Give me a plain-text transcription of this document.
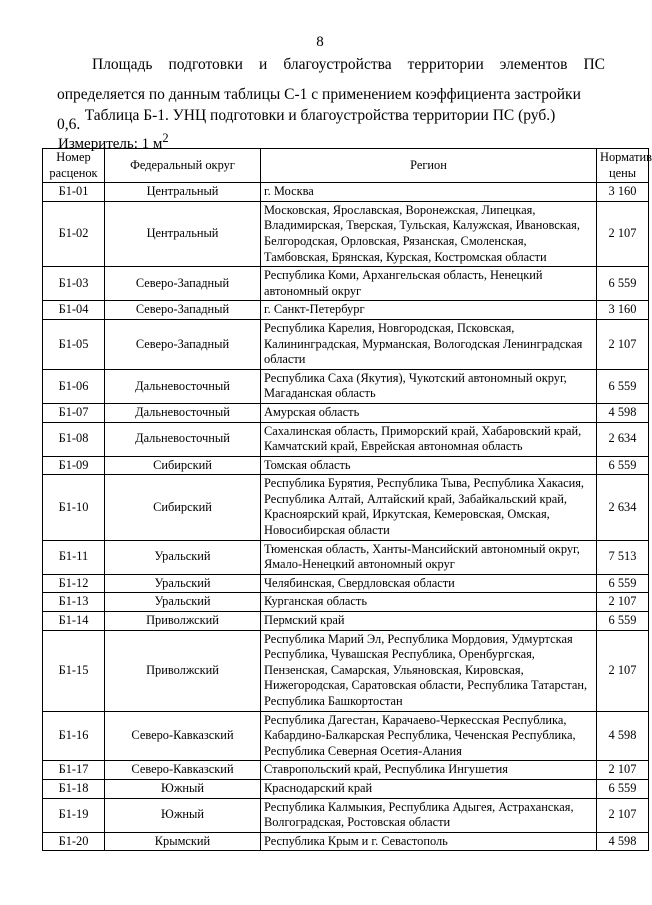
8
Площадь подготовки и благоустройства территории элементов ПС
определяется по данным таблицы С-1 с применением коэффициента застройки 0,6.
Таблица Б-1. УНЦ подготовки и благоустройства территории ПС (руб.)
Измеритель: 1 $м^2$
Номер расценок	Федеральный округ	Регион	Норматив цены
Б1-01	Центральный	г. Москва	3 160
Б1-02	Центральный	Московская, Ярославская, Воронежская, Липецкая, Владимирская, Тверская, Тульская, Калужская, Ивановская, Белгородская, Орловская, Рязанская, Смоленская, Тамбовская, Брянская, Курская, Костромская области	2 107
Б1-03	Северо-Западный	Республика Коми, Архангельская область, Ненецкий автономный округ	6 559
Б1-04	Северо-Западный	г. Санкт-Петербург	3 160
Б1-05	Северо-Западный	Республика Карелия, Новгородская, Псковская, Калининградская, Мурманская, Вологодская Ленинградская области	2 107
Б1-06	Дальневосточный	Республика Саха (Якутия), Чукотский автономный округ, Магаданская область	6 559
Б1-07	Дальневосточный	Амурская область	4 598
Б1-08	Дальневосточный	Сахалинская область, Приморский край, Хабаровский край, Камчатский край, Еврейская автономная область	2 634
Б1-09	Сибирский	Томская область	6 559
Б1-10	Сибирский	Республика Бурятия, Республика Тыва, Республика Хакасия, Республика Алтай, Алтайский край, Забайкальский край, Красноярский край, Иркутская, Кемеровская, Омская, Новосибирская области	2 634
Б1-11	Уральский	Тюменская область, Ханты-Мансийский автономный округ, Ямало-Ненецкий автономный округ	7 513
Б1-12	Уральский	Челябинская, Свердловская области	6 559
Б1-13	Уральский	Курганская область	2 107
Б1-14	Приволжский	Пермский край	6 559
Б1-15	Приволжский	Республика Марий Эл, Республика Мордовия, Удмуртская Республика, Чувашская Республика, Оренбургская, Пензенская, Самарская, Ульяновская, Кировская, Нижегородская, Саратовская области, Республика Татарстан, Республика Башкортостан	2 107
Б1-16	Северо-Кавказский	Республика Дагестан, Карачаево-Черкесская Республика, Кабардино-Балкарская Республика, Чеченская Республика, Республика Северная Осетия-Алания	4 598
Б1-17	Северо-Кавказский	Ставропольский край, Республика Ингушетия	2 107
Б1-18	Южный	Краснодарский край	6 559
Б1-19	Южный	Республика Калмыкия, Республика Адыгея, Астраханская, Волгоградская, Ростовская области	2 107
Б1-20	Крымский	Республика Крым и г. Севастополь	4 598
